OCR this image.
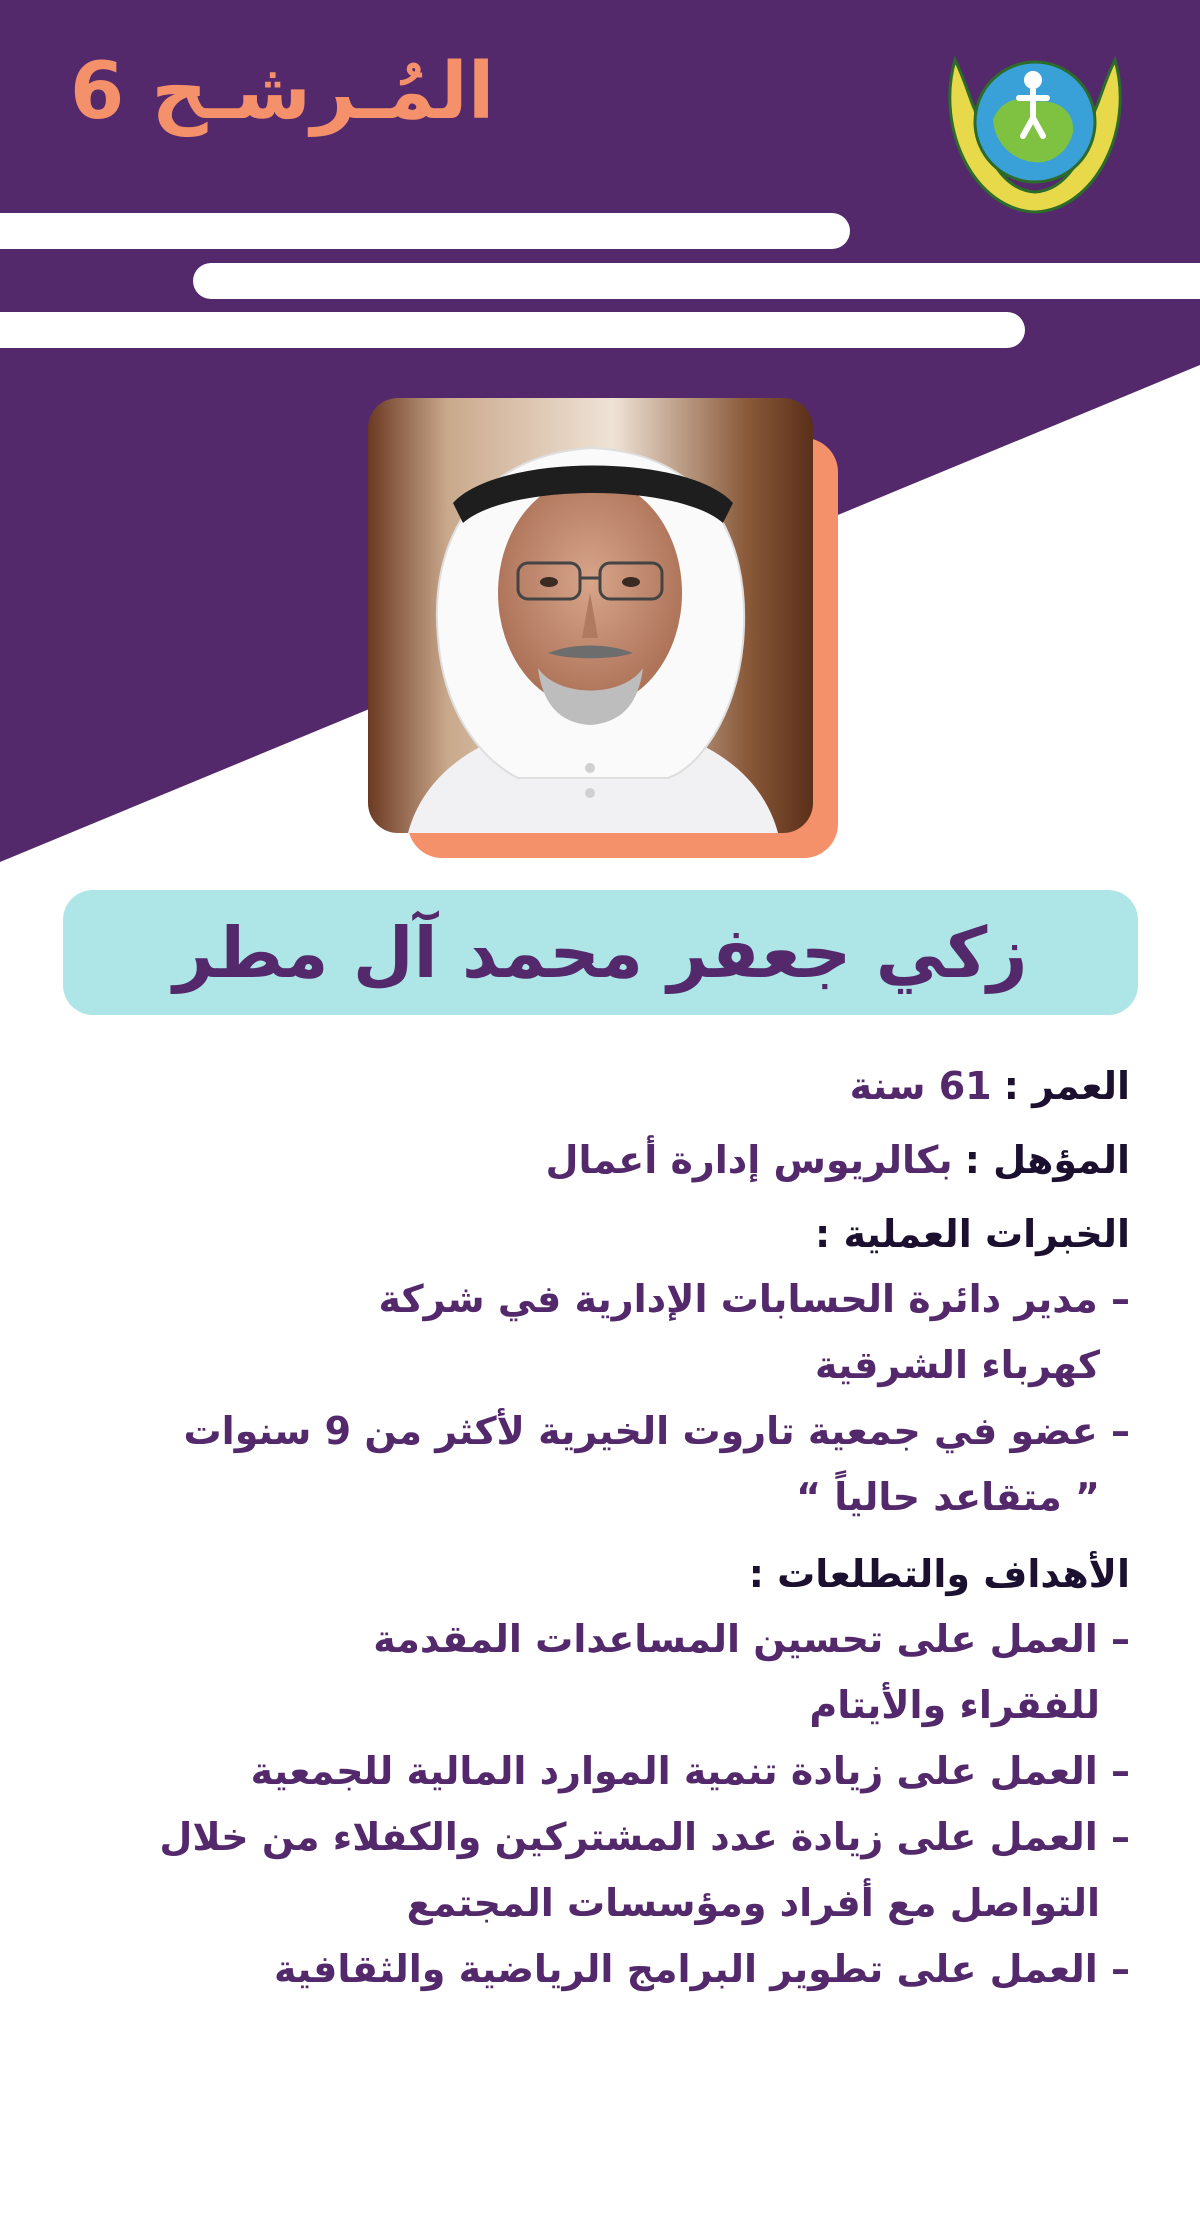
المُـرشـح 6
زكي جعفر محمد آل مطر
العمر : 61 سنة
المؤهل : بكالريوس إدارة أعمال
الخبرات العملية :
– مدير دائرة الحسابات الإدارية في شركة
كهرباء الشرقية
– عضو في جمعية تاروت الخيرية لأكثر من 9 سنوات
” متقاعد حالياً “
الأهداف والتطلعات :
– العمل على تحسين المساعدات المقدمة
للفقراء والأيتام
– العمل على زيادة تنمية الموارد المالية للجمعية
– العمل على زيادة عدد المشتركين والكفلاء من خلال
التواصل مع أفراد ومؤسسات المجتمع
– العمل على تطوير البرامج الرياضية والثقافية
